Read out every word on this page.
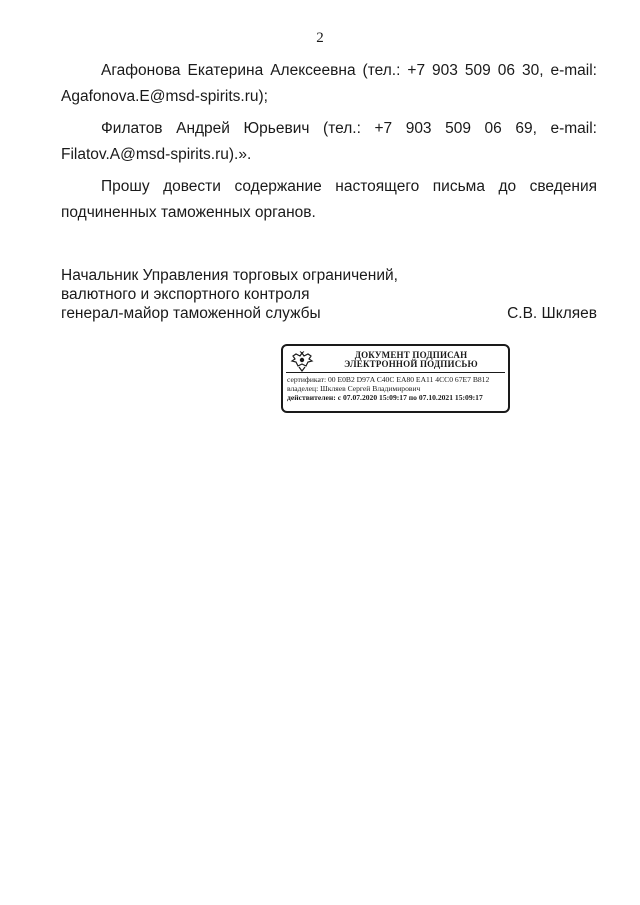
2

Агафонова Екатерина Алексеевна (тел.: +7 903 509 06 30, e-mail: Agafonova.E@msd-spirits.ru);

Филатов Андрей Юрьевич (тел.: +7 903 509 06 69, e-mail: Filatov.A@msd-spirits.ru).».

Прошу довести содержание настоящего письма до сведения подчиненных таможенных органов.

Начальник Управления торговых ограничений,
валютного и экспортного контроля
генерал-майор таможенной службы	С.В. Шкляев
ДОКУМЕНТ ПОДПИСАН ЭЛЕКТРОННОЙ ПОДПИСЬЮ
сертификат: 00 E0B2 D97A C40C EA80 EA11 4CC0 67E7 B812
владелец: Шкляев Сергей Владимирович
действителен: с 07.07.2020 15:09:17 по 07.10.2021 15:09:17
